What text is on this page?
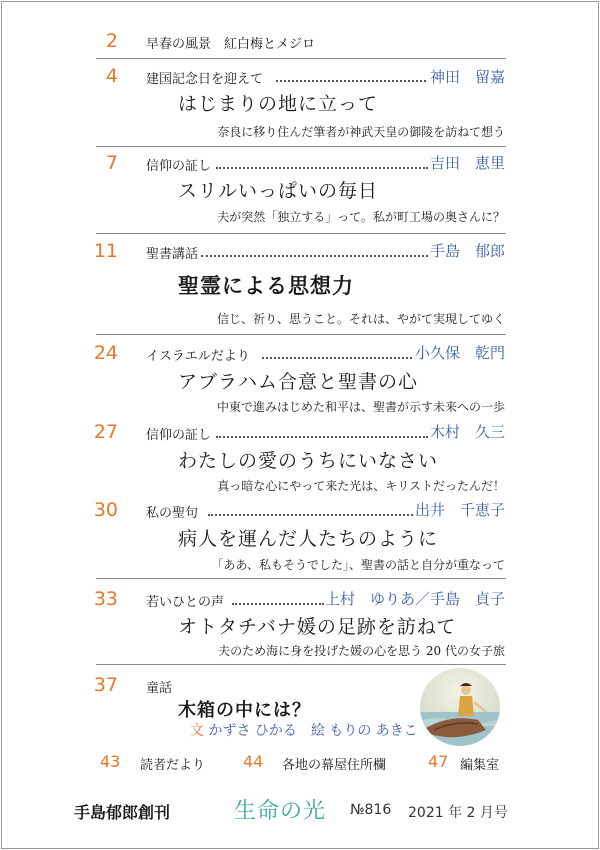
2 早春の風景　紅白梅とメジロ
4 建国記念日を迎えて	神田　留嘉
はじまりの地に立って
奈良に移り住んだ筆者が神武天皇の御陵を訪ねて想う
7 信仰の証し	吉田　恵里
スリルいっぱいの毎日
夫が突然「独立する」って。私が町工場の奥さんに？
11 聖書講話	手島　郁郎
聖霊による思想力
信じ、祈り、思うこと。それは、やがて実現してゆく
24 イスラエルだより	小久保　乾門
アブラハム合意と聖書の心
中東で進みはじめた和平は、聖書が示す未来への一歩
27 信仰の証し	木村　久三
わたしの愛のうちにいなさい
真っ暗な心にやって来た光は、キリストだったんだ！
30 私の聖句	出井　千恵子
病人を運んだ人たちのように
「ああ、私もそうでした」、聖書の話と自分が重なって
33 若いひとの声	上村　ゆりあ／手島　貞子
オトタチバナ媛の足跡を訪ねて
夫のため海に身を投げた媛の心を思う 20 代の女子旅
37 童話
木箱の中には？
文 かずさ ひかる　絵 もりの あきこ
43 読者だより 44 各地の幕屋住所欄	47 編集室
手島郁郎創刊	生命の光 №816 2021 年 2 月号
